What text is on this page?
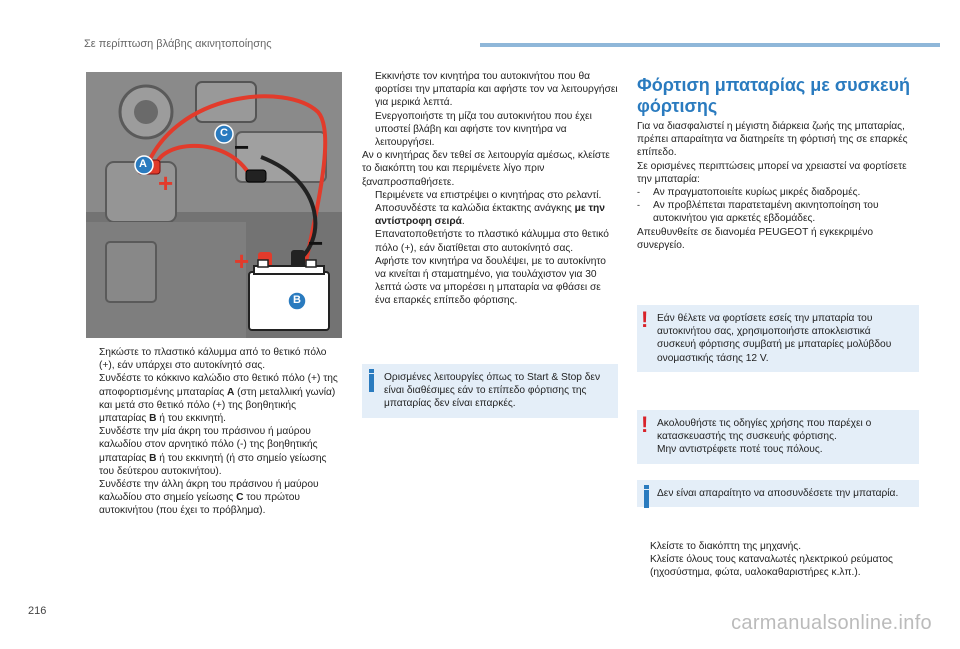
Σε περίπτωση βλάβης ακινητοποίησης
A
C
B
+
−
+
−
Σηκώστε το πλαστικό κάλυμμα από το θετικό πόλο (+), εάν υπάρχει στο αυτοκίνητό σας.
Συνδέστε το κόκκινο καλώδιο στο θετικό πόλο (+) της αποφορτισμένης μπαταρίας A (στη μεταλλική γωνία) και μετά στο θετικό πόλο (+) της βοηθητικής μπαταρίας B ή του εκκινητή.
Συνδέστε την μία άκρη του πράσινου ή μαύρου καλωδίου στον αρνητικό πόλο (-) της βοηθητικής μπαταρίας B ή του εκκινητή (ή στο σημείο γείωσης του δεύτερου αυτοκινήτου).
Συνδέστε την άλλη άκρη του πράσινου ή μαύρου καλωδίου στο σημείο γείωσης C του πρώτου αυτοκινήτου (που έχει το πρόβλημα).
Εκκινήστε τον κινητήρα του αυτοκινήτου που θα φορτίσει την μπαταρία και αφήστε τον να λειτουργήσει για μερικά λεπτά.
Ενεργοποιήστε τη μίζα του αυτοκινήτου που έχει υποστεί βλάβη και αφήστε τον κινητήρα να λειτουργήσει.

Αν ο κινητήρας δεν τεθεί σε λειτουργία αμέσως, κλείστε το διακόπτη του και περιμένετε λίγο πριν ξαναπροσπαθήσετε.

Περιμένετε να επιστρέψει ο κινητήρας στο ρελαντί.
Αποσυνδέστε τα καλώδια έκτακτης ανάγκης με την αντίστροφη σειρά.
Επανατοποθετήστε το πλαστικό κάλυμμα στο θετικό πόλο (+), εάν διατίθεται στο αυτοκίνητό σας.
Αφήστε τον κινητήρα να δουλέψει, με το αυτοκίνητο να κινείται ή σταματημένο, για τουλάχιστον για 30 λεπτά ώστε να μπορέσει η μπαταρία να φθάσει σε ένα επαρκές επίπεδο φόρτισης.
Ορισμένες λειτουργίες όπως το Start & Stop δεν είναι διαθέσιμες εάν το επίπεδο φόρτισης της μπαταρίας δεν είναι επαρκές.
Φόρτιση μπαταρίας με συσκευή φόρτισης

Για να διασφαλιστεί η μέγιστη διάρκεια ζωής της μπαταρίας, πρέπει απαραίτητα να διατηρείτε τη φόρτισή της σε επαρκές επίπεδο.

Σε ορισμένες περιπτώσεις μπορεί να χρειαστεί να φορτίσετε την μπαταρία:

- Αν πραγματοποιείτε κυρίως μικρές διαδρομές.
- Αν προβλέπεται παρατεταμένη ακινητοποίηση του αυτοκινήτου για αρκετές εβδομάδες.

Απευθυνθείτε σε διανομέα PEUGEOT ή εγκεκριμένο συνεργείο.

! Εάν θέλετε να φορτίσετε εσείς την μπαταρία του αυτοκινήτου σας, χρησιμοποιήστε αποκλειστικά συσκευή φόρτισης συμβατή με μπαταρίες μολύβδου ονομαστικής τάσης 12 V.
! Ακολουθήστε τις οδηγίες χρήσης που παρέχει ο κατασκευαστής της συσκευής φόρτισης.

Μην αντιστρέφετε ποτέ τους πόλους.

Δεν είναι απαραίτητο να αποσυνδέσετε την μπαταρία.
Κλείστε το διακόπτη της μηχανής.
Κλείστε όλους τους καταναλωτές ηλεκτρικού ρεύματος (ηχοσύστημα, φώτα, υαλοκαθαριστήρες κ.λπ.).
216
carmanualsonline.info
